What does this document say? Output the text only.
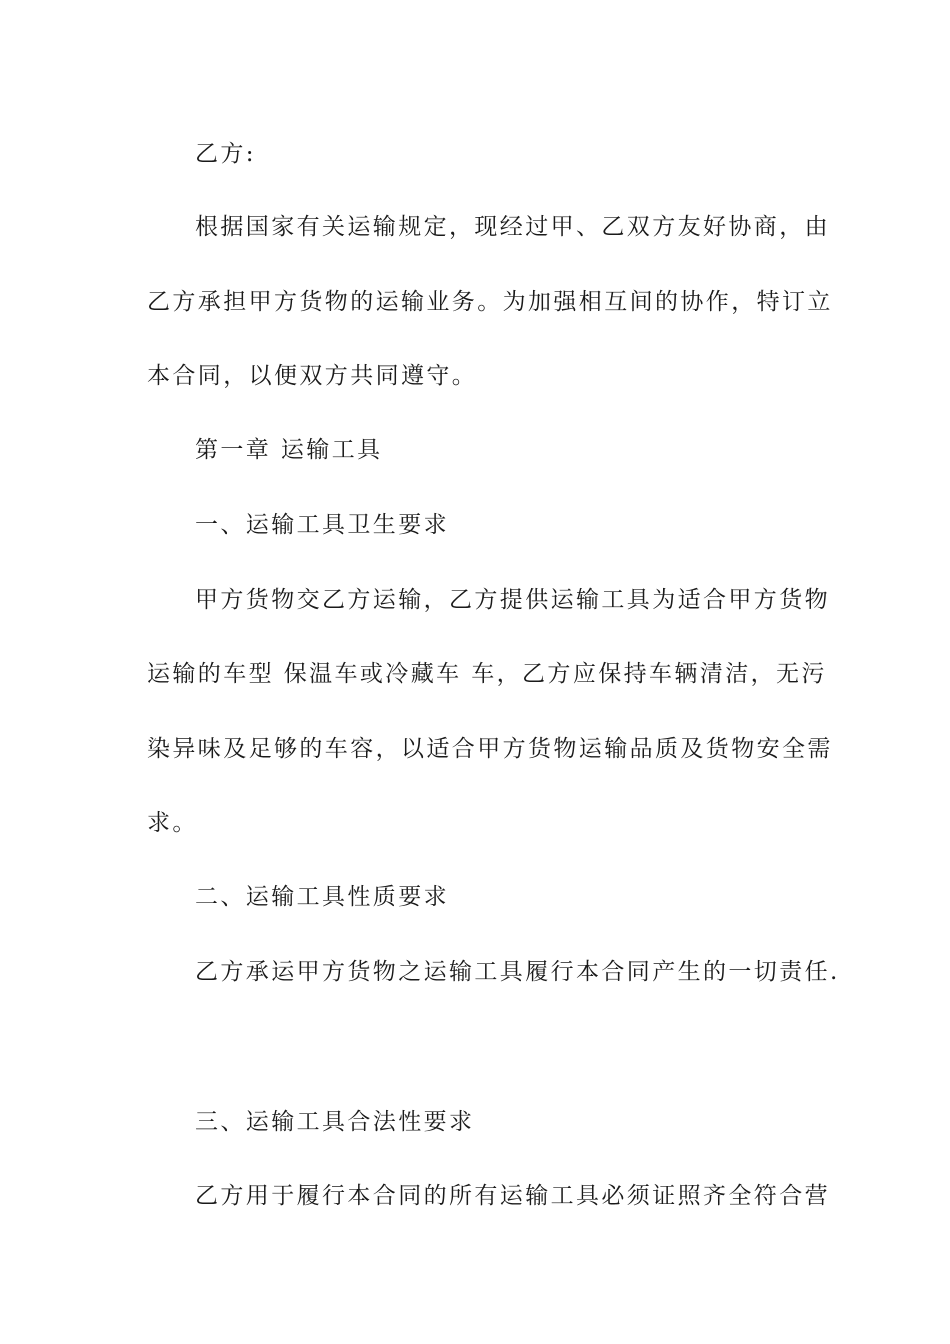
乙方:
根据国家有关运输规定，现经过甲、乙双方友好协商，由
乙方承担甲方货物的运输业务。为加强相互间的协作，特订立
本合同，以便双方共同遵守。
第一章 运输工具
一、运输工具卫生要求
甲方货物交乙方运输，乙方提供运输工具为适合甲方货物
运输的车型 保温车或冷藏车 车，乙方应保持车辆清洁，无污
染异味及足够的车容，以适合甲方货物运输品质及货物安全需
求。
二、运输工具性质要求
乙方承运甲方货物之运输工具履行本合同产生的一切责任.
三、运输工具合法性要求
乙方用于履行本合同的所有运输工具必须证照齐全符合营
